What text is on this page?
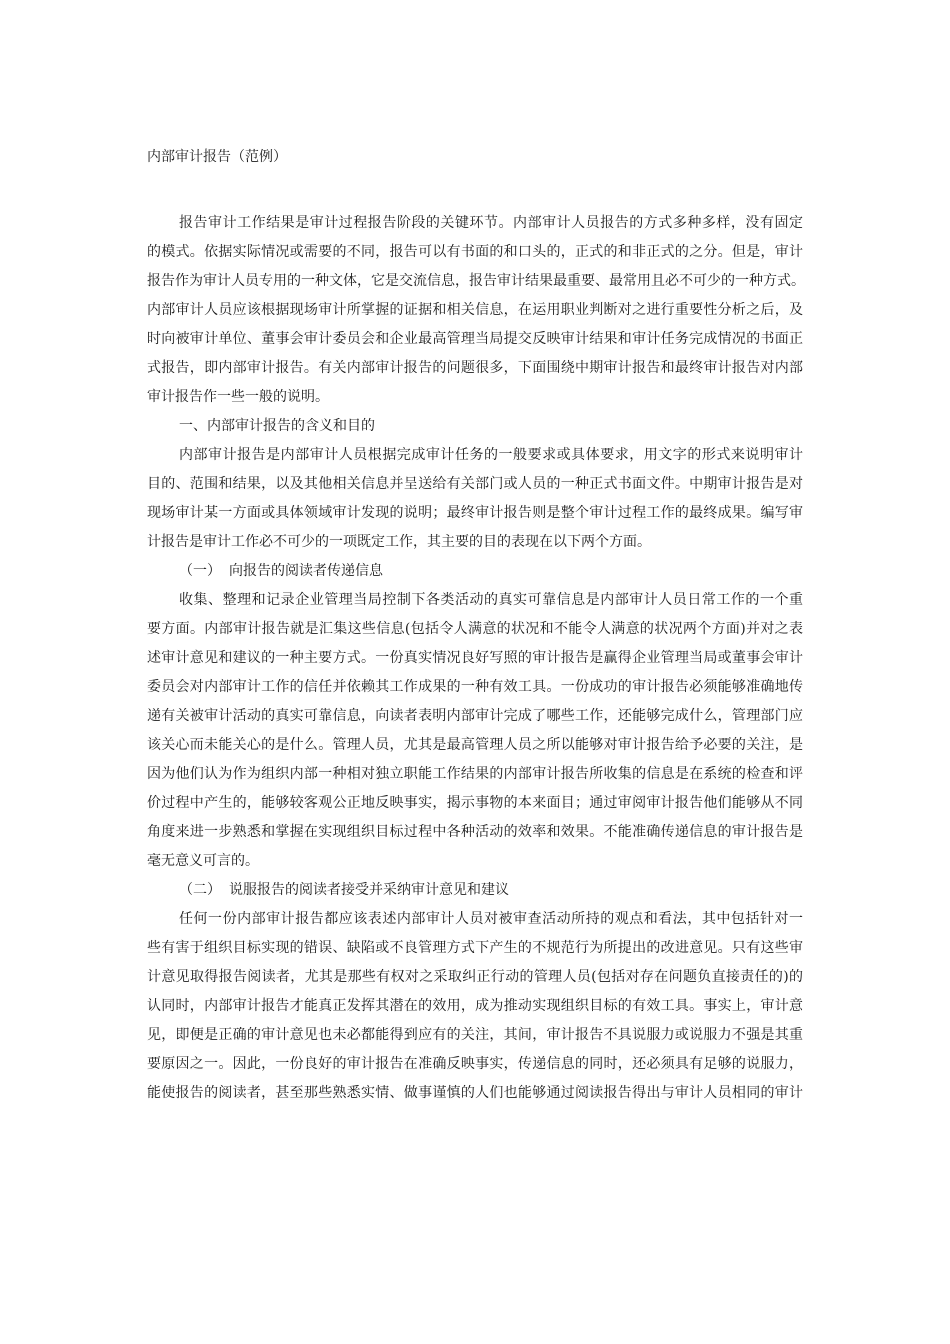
内部审计报告（范例）
报告审计工作结果是审计过程报告阶段的关键环节。内部审计人员报告的方式多种多样，没有固定
的模式。依据实际情况或需要的不同，报告可以有书面的和口头的，正式的和非正式的之分。但是，审计
报告作为审计人员专用的一种文体，它是交流信息，报告审计结果最重要、最常用且必不可少的一种方式。
内部审计人员应该根据现场审计所掌握的证据和相关信息，在运用职业判断对之进行重要性分析之后，及
时向被审计单位、董事会审计委员会和企业最高管理当局提交反映审计结果和审计任务完成情况的书面正
式报告，即内部审计报告。有关内部审计报告的问题很多，下面围绕中期审计报告和最终审计报告对内部
审计报告作一些一般的说明。
一、内部审计报告的含义和目的
内部审计报告是内部审计人员根据完成审计任务的一般要求或具体要求，用文字的形式来说明审计
目的、范围和结果，以及其他相关信息并呈送给有关部门或人员的一种正式书面文件。中期审计报告是对
现场审计某一方面或具体领域审计发现的说明；最终审计报告则是整个审计过程工作的最终成果。编写审
计报告是审计工作必不可少的一项既定工作，其主要的目的表现在以下两个方面。
（一） 向报告的阅读者传递信息
收集、整理和记录企业管理当局控制下各类活动的真实可靠信息是内部审计人员日常工作的一个重
要方面。内部审计报告就是汇集这些信息(包括令人满意的状况和不能令人满意的状况两个方面)并对之表
述审计意见和建议的一种主要方式。一份真实情况良好写照的审计报告是赢得企业管理当局或董事会审计
委员会对内部审计工作的信任并依赖其工作成果的一种有效工具。一份成功的审计报告必须能够准确地传
递有关被审计活动的真实可靠信息，向读者表明内部审计完成了哪些工作，还能够完成什么，管理部门应
该关心而未能关心的是什么。管理人员，尤其是最高管理人员之所以能够对审计报告给予必要的关注，是
因为他们认为作为组织内部一种相对独立职能工作结果的内部审计报告所收集的信息是在系统的检查和评
价过程中产生的，能够较客观公正地反映事实，揭示事物的本来面目；通过审阅审计报告他们能够从不同
角度来进一步熟悉和掌握在实现组织目标过程中各种活动的效率和效果。不能准确传递信息的审计报告是
毫无意义可言的。
（二） 说服报告的阅读者接受并采纳审计意见和建议
任何一份内部审计报告都应该表述内部审计人员对被审查活动所持的观点和看法，其中包括针对一
些有害于组织目标实现的错误、缺陷或不良管理方式下产生的不规范行为所提出的改进意见。只有这些审
计意见取得报告阅读者，尤其是那些有权对之采取纠正行动的管理人员(包括对存在问题负直接责任的)的
认同时，内部审计报告才能真正发挥其潜在的效用，成为推动实现组织目标的有效工具。事实上，审计意
见，即便是正确的审计意见也未必都能得到应有的关注，其间，审计报告不具说服力或说服力不强是其重
要原因之一。因此，一份良好的审计报告在准确反映事实，传递信息的同时，还必须具有足够的说服力，
能使报告的阅读者，甚至那些熟悉实情、做事谨慎的人们也能够通过阅读报告得出与审计人员相同的审计
